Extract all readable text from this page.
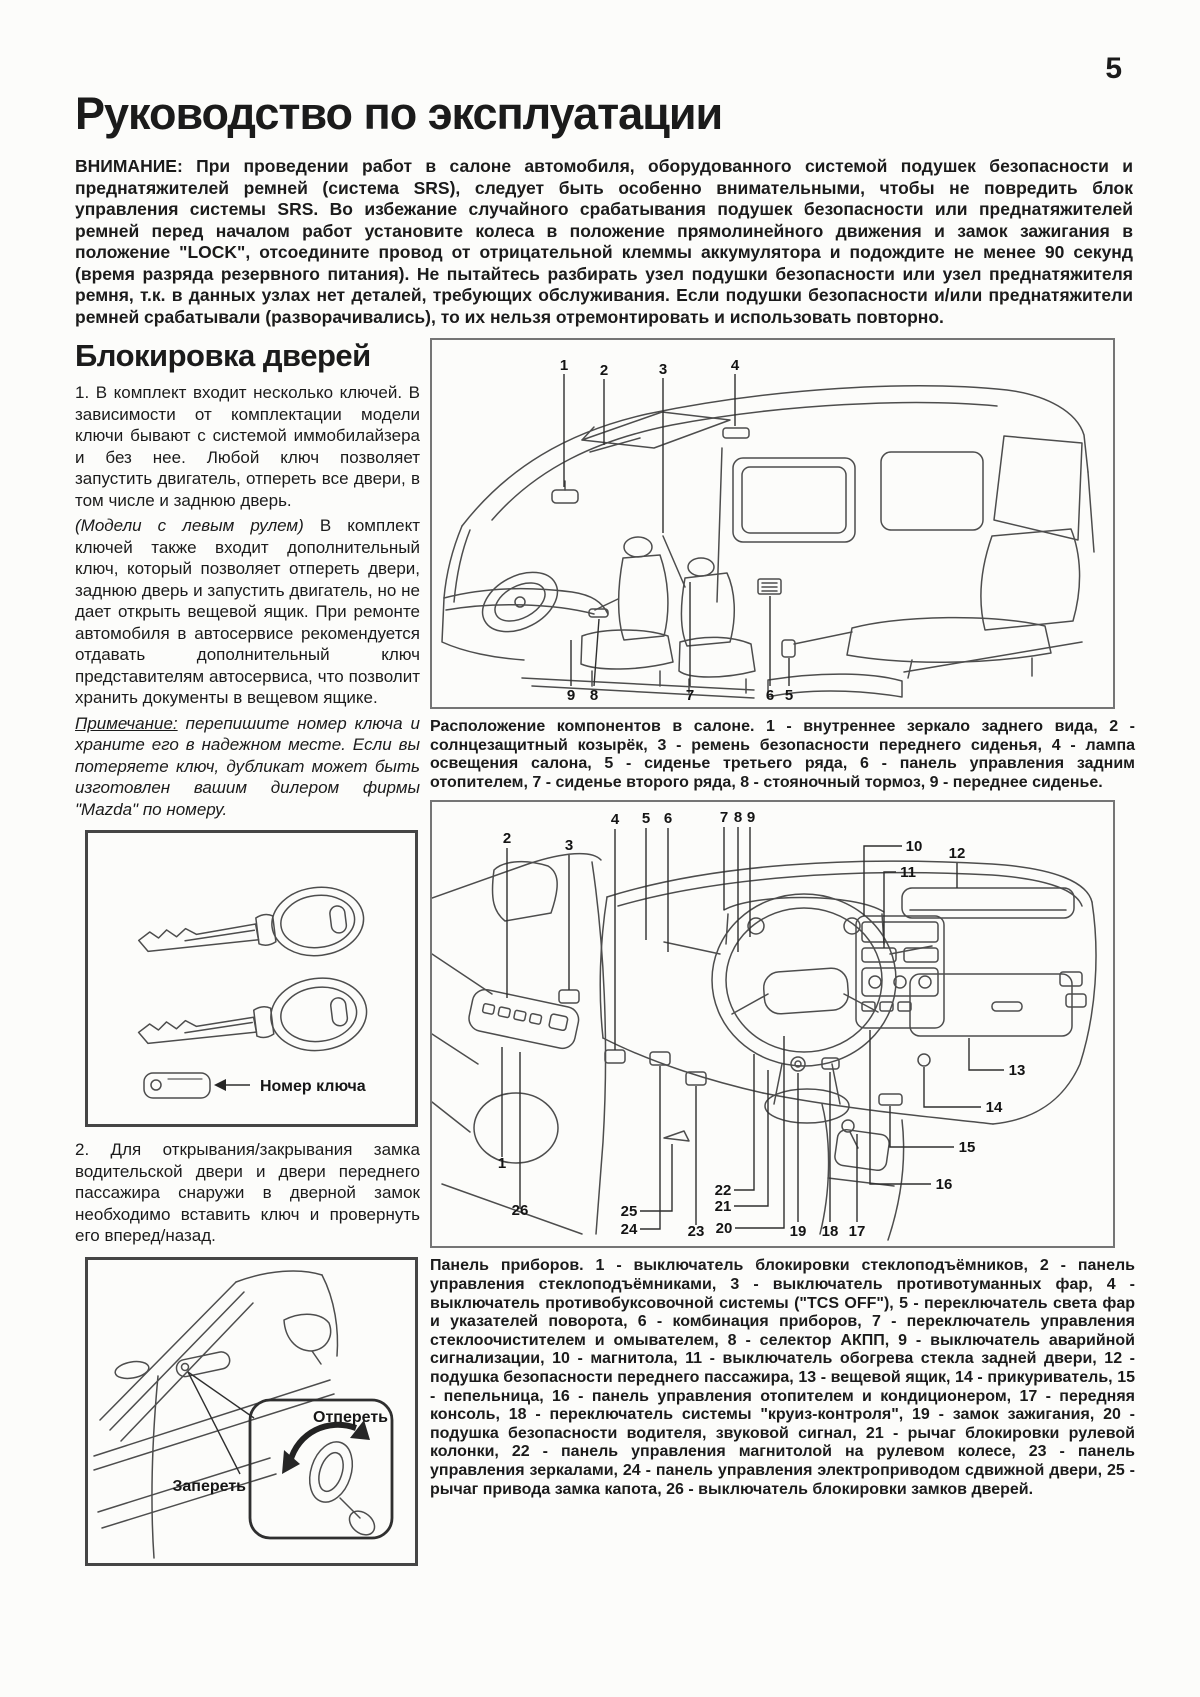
5
Руководство по эксплуатации

ВНИМАНИЕ: При проведении работ в салоне автомобиля, оборудованного системой подушек безопасности и преднатяжителей ремней (система SRS), следует быть особенно внимательными, чтобы не повредить блок управления системы SRS. Во избежание случайного срабатывания подушек безопасности или преднатяжителей ремней перед началом работ установите колеса в положение прямолинейного движения и замок зажигания в положение "LOCK", отсоедините провод от отрицательной клеммы аккумулятора и подождите не менее 90 секунд (время разряда резервного питания). Не пытайтесь разбирать узел подушки безопасности или узел преднатяжителя ремня, т.к. в данных узлах нет деталей, требующих обслуживания. Если подушки безопасности и/или преднатяжители ремней срабатывали (разворачивались), то их нельзя отремонтировать и использовать повторно.

Блокировка дверей

1. В комплект входит несколько ключей. В зависимости от комплектации модели ключи бывают с системой иммобилайзера и без нее. Любой ключ позволяет запустить двигатель, отпереть все двери, в том числе и заднюю дверь.

(Модели с левым рулем) В комплект ключей также входит дополнительный ключ, который позволяет отпереть двери, заднюю дверь и запустить двигатель, но не дает открыть вещевой ящик. При ремонте автомобиля в автосервисе рекомендуется отдавать дополнительный ключ представителям автосервиса, что позволит хранить документы в вещевом ящике.

Примечание: перепишите номер ключа и храните его в надежном месте. Если вы потеряете ключ, дубликат может быть изготовлен вашим дилером фирмы "Mazda" по номеру.

Номер ключа

2. Для открывания/закрывания замка водительской двери и двери переднего пассажира снаружи в дверной замок необходимо вставить ключ и провернуть его вперед/назад.

Отпереть
Запереть
1 2	3	4
9 8	7	6 5

Расположение компонентов в салоне. 1 - внутреннее зеркало заднего вида, 2 - солнцезащитный козырёк, 3 - ремень безопасности переднего сиденья, 4 - лампа освещения салона, 5 - сиденье третьего ряда, 6 - панель управления задним отопителем, 7 - сиденье второго ряда, 8 - стояночный тормоз, 9 - переднее сиденье.

1
2	3
4 5 6	7 8 9
10
11
12
13
14
15
16
17
18
19
20
21
22
23
24
25
26

Панель приборов. 1 - выключатель блокировки стеклоподъёмников, 2 - панель управления стеклоподъёмниками, 3 - выключатель противотуманных фар, 4 - выключатель противобуксовочной системы ("TCS OFF"), 5 - переключатель света фар и указателей поворота, 6 - комбинация приборов, 7 - переключатель управления стеклоочистителем и омывателем, 8 - селектор АКПП, 9 - выключатель аварийной сигнализации, 10 - магнитола, 11 - выключатель обогрева стекла задней двери, 12 - подушка безопасности переднего пассажира, 13 - вещевой ящик, 14 - прикуриватель, 15 - пепельница, 16 - панель управления отопителем и кондиционером, 17 - передняя консоль, 18 - переключатель системы "круиз-контроля", 19 - замок зажигания, 20 - подушка безопасности водителя, звуковой сигнал, 21 - рычаг блокировки рулевой колонки, 22 - панель управления магнитолой на рулевом колесе, 23 - панель управления зеркалами, 24 - панель управления электроприводом сдвижной двери, 25 - рычаг привода замка капота, 26 - выключатель блокировки замков дверей.
